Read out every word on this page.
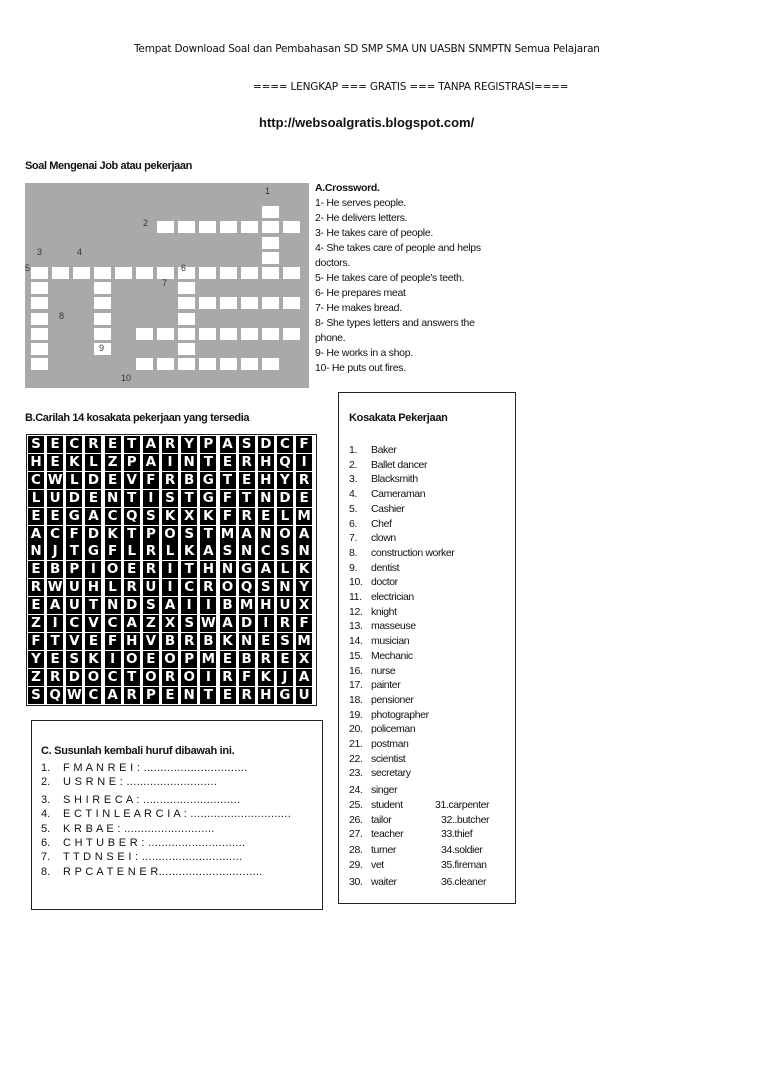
Tempat Download Soal dan Pembahasan SD SMP SMA UN UASBN SNMPTN Semua Pelajaran
==== LENGKAP === GRATIS === TANPA REGISTRASI====
http://websoalgratis.blogspot.com/
Soal Mengenai Job atau pekerjaan
1
2
3	4
5	6
7
8
9
10
A.Crossword.
1- He serves people.
2- He delivers letters.
3- He takes care of people.
4- She takes care of people and helps
doctors.
5- He takes care of people's teeth.
6- He prepares meat
7- He makes bread.
8- She types letters and answers the
phone.
9- He works in a shop.
10- He puts out fires.
B.Carilah 14 kosakata pekerjaan yang tersedia
S E C R E T A R Y P A S D C F
H E K L Z P A I N T E R H Q I
C W L D E V F R B G T E H Y R
L U D E N T I S T G F T N D E
E E G A C Q S K X K F R E L M
A C F D K T P O S T M A N O A
N J T G F L R L K A S N C S N
E B P I O E R I T H N G A L K
R W U H L R U I C R O Q S N Y
E A U T N D S A I	I B M H U X
Z I C V C A Z X S W A D I R F
F T V E F H V B R B K N E S M
Y E S K I O E O P M E B R E X
Z R D O C T O R O I R F K J A
S Q W C A R P E N T E R H G U
Kosakata Pekerjaan
1. Baker
2. Ballet dancer
3. Blacksmith
4. Cameraman
5. Cashier
6. Chef
7. clown
8. construction worker
9. dentist
10. doctor
11. electrician
12. knight
13. masseuse
14. musician
15. Mechanic
16. nurse
17. painter
18. pensioner
19. photographer
20. policeman
21. postman
22. scientist
23. secretary
24. singer
25. student	31.carpenter
26. tailor	32..butcher
27. teacher	33.thief
28. turner	34.soldier
29. vet	35.fireman
30. waiter	36.cleaner
C. Susunlah kembali huruf dibawah ini.
1. F M A N R E I : ...............................
2. U S R N E : ...........................
3. S H I R E C A : .............................
4. E C T I N L E A R C I A : ..............................
5. K R B A E : ...........................
6. C H T U B E R : .............................
7. T T D N S E I : ..............................
8. R P C A T E N E R...............................
